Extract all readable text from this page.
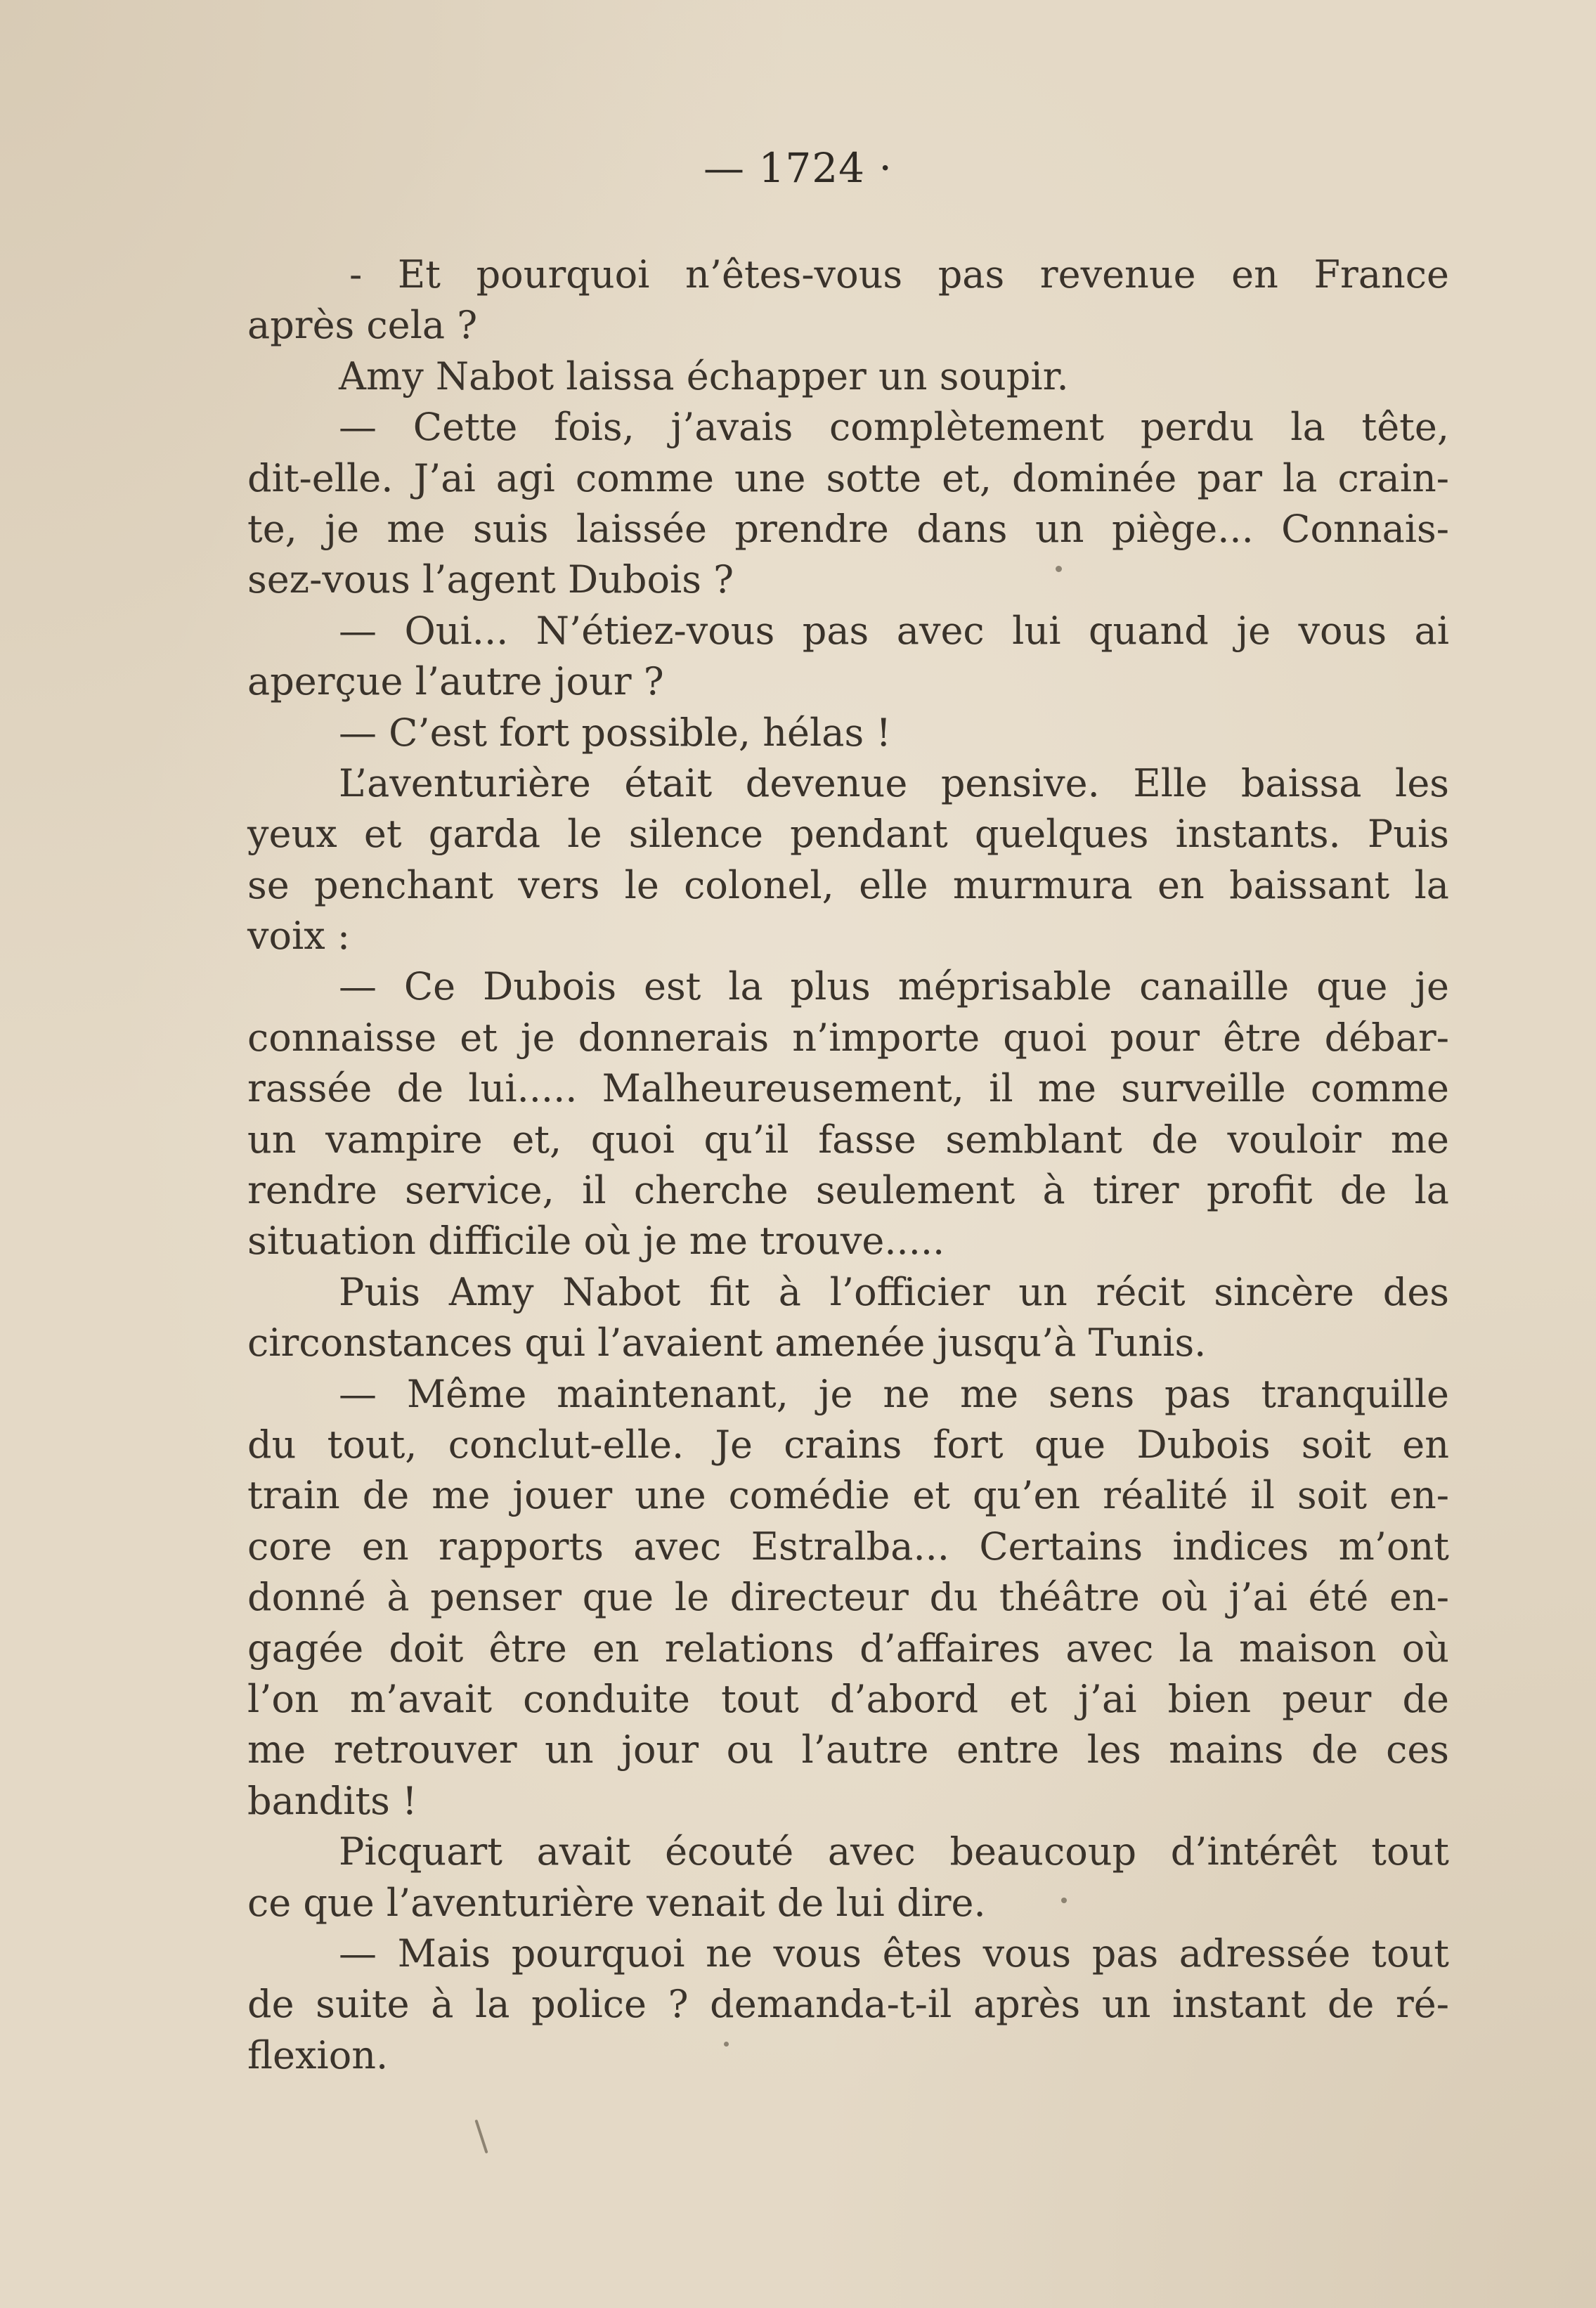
— 1724 ·
- Et pourquoi n’êtes-vous pas revenue en France
après cela ?
Amy Nabot laissa échapper un soupir.
— Cette fois, j’avais complètement perdu la tête,
dit-elle. J’ai agi comme une sotte et, dominée par la crain-
te, je me suis laissée prendre dans un piège... Connais-
sez-vous l’agent Dubois ?
— Oui... N’étiez-vous pas avec lui quand je vous ai
aperçue l’autre jour ?
— C’est fort possible, hélas !
L’aventurière était devenue pensive. Elle baissa les
yeux et garda le silence pendant quelques instants. Puis
se penchant vers le colonel, elle murmura en baissant la
voix :
— Ce Dubois est la plus méprisable canaille que je
connaisse et je donnerais n’importe quoi pour être débar-
rassée de lui..... Malheureusement, il me surveille comme
un vampire et, quoi qu’il fasse semblant de vouloir me
rendre service, il cherche seulement à tirer profit de la
situation difficile où je me trouve.....
Puis Amy Nabot fit à l’officier un récit sincère des
circonstances qui l’avaient amenée jusqu’à Tunis.
— Même maintenant, je ne me sens pas tranquille
du tout, conclut-elle. Je crains fort que Dubois soit en
train de me jouer une comédie et qu’en réalité il soit en-
core en rapports avec Estralba... Certains indices m’ont
donné à penser que le directeur du théâtre où j’ai été en-
gagée doit être en relations d’affaires avec la maison où
l’on m’avait conduite tout d’abord et j’ai bien peur de
me retrouver un jour ou l’autre entre les mains de ces
bandits !
Picquart avait écouté avec beaucoup d’intérêt tout
ce que l’aventurière venait de lui dire.
— Mais pourquoi ne vous êtes vous pas adressée tout
de suite à la police ? demanda-t-il après un instant de ré-
flexion.
